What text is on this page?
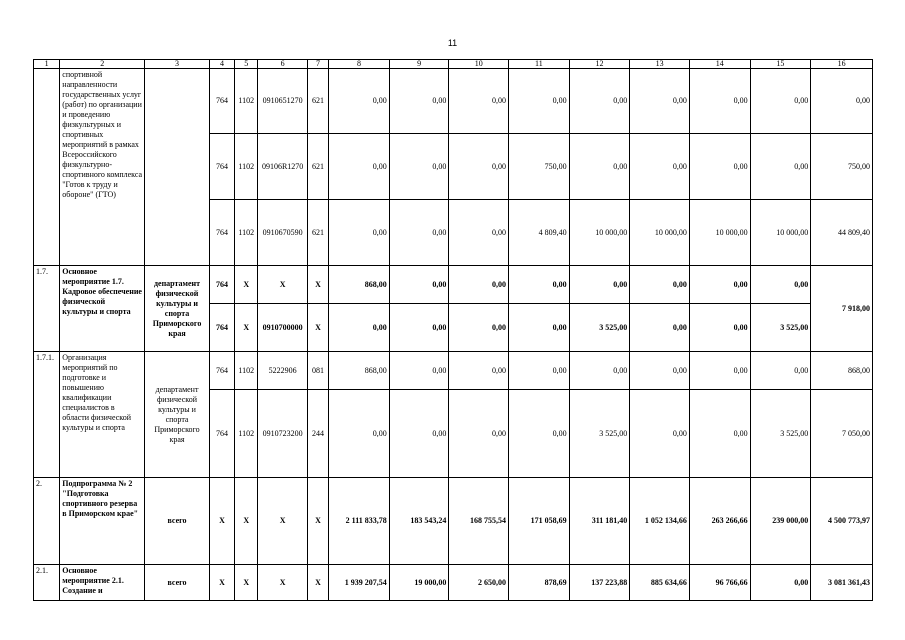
11
1	2	3	4	5	6	7	8	9	10	11	12	13	14	15	16
	спортивной направленности государственных услуг (работ) по организации и проведению физкультурных и спортивных мероприятий в рамках Всероссийского физкультурно-спортивного комплекса "Готов к труду и обороне" (ГТО)		764	1102	0910651270	621	0,00	0,00	0,00	0,00	0,00	0,00	0,00	0,00	0,00
			764	1102	09106R1270	621	0,00	0,00	0,00	750,00	0,00	0,00	0,00	0,00	750,00
			764	1102	0910670590	621	0,00	0,00	0,00	4 809,40	10 000,00	10 000,00	10 000,00	10 000,00	44 809,40
1.7.	Основное мероприятие 1.7. Кадровое обеспечение физической культуры и спорта	департамент физической культуры и спорта Приморского края	764	X	X	X	868,00	0,00	0,00	0,00	0,00	0,00	0,00	0,00	7 918,00
			764	X	0910700000	X	0,00	0,00	0,00	0,00	3 525,00	0,00	0,00	3 525,00	
1.7.1.	Организация мероприятий по подготовке и повышению квалификации специалистов в области физической культуры и спорта	департамент физической культуры и спорта Приморского края	764	1102	5222906	081	868,00	0,00	0,00	0,00	0,00	0,00	0,00	0,00	868,00
			764	1102	0910723200	244	0,00	0,00	0,00	0,00	3 525,00	0,00	0,00	3 525,00	7 050,00
2.	Подпрограмма № 2 "Подготовка спортивного резерва в Приморском крае"	всего	X	X	X	X	2 111 833,78	183 543,24	168 755,54	171 058,69	311 181,40	1 052 134,66	263 266,66	239 000,00	4 500 773,97
2.1.	Основное мероприятие 2.1. Создание и	всего	X	X	X	X	1 939 207,54	19 000,00	2 650,00	878,69	137 223,88	885 634,66	96 766,66	0,00	3 081 361,43
